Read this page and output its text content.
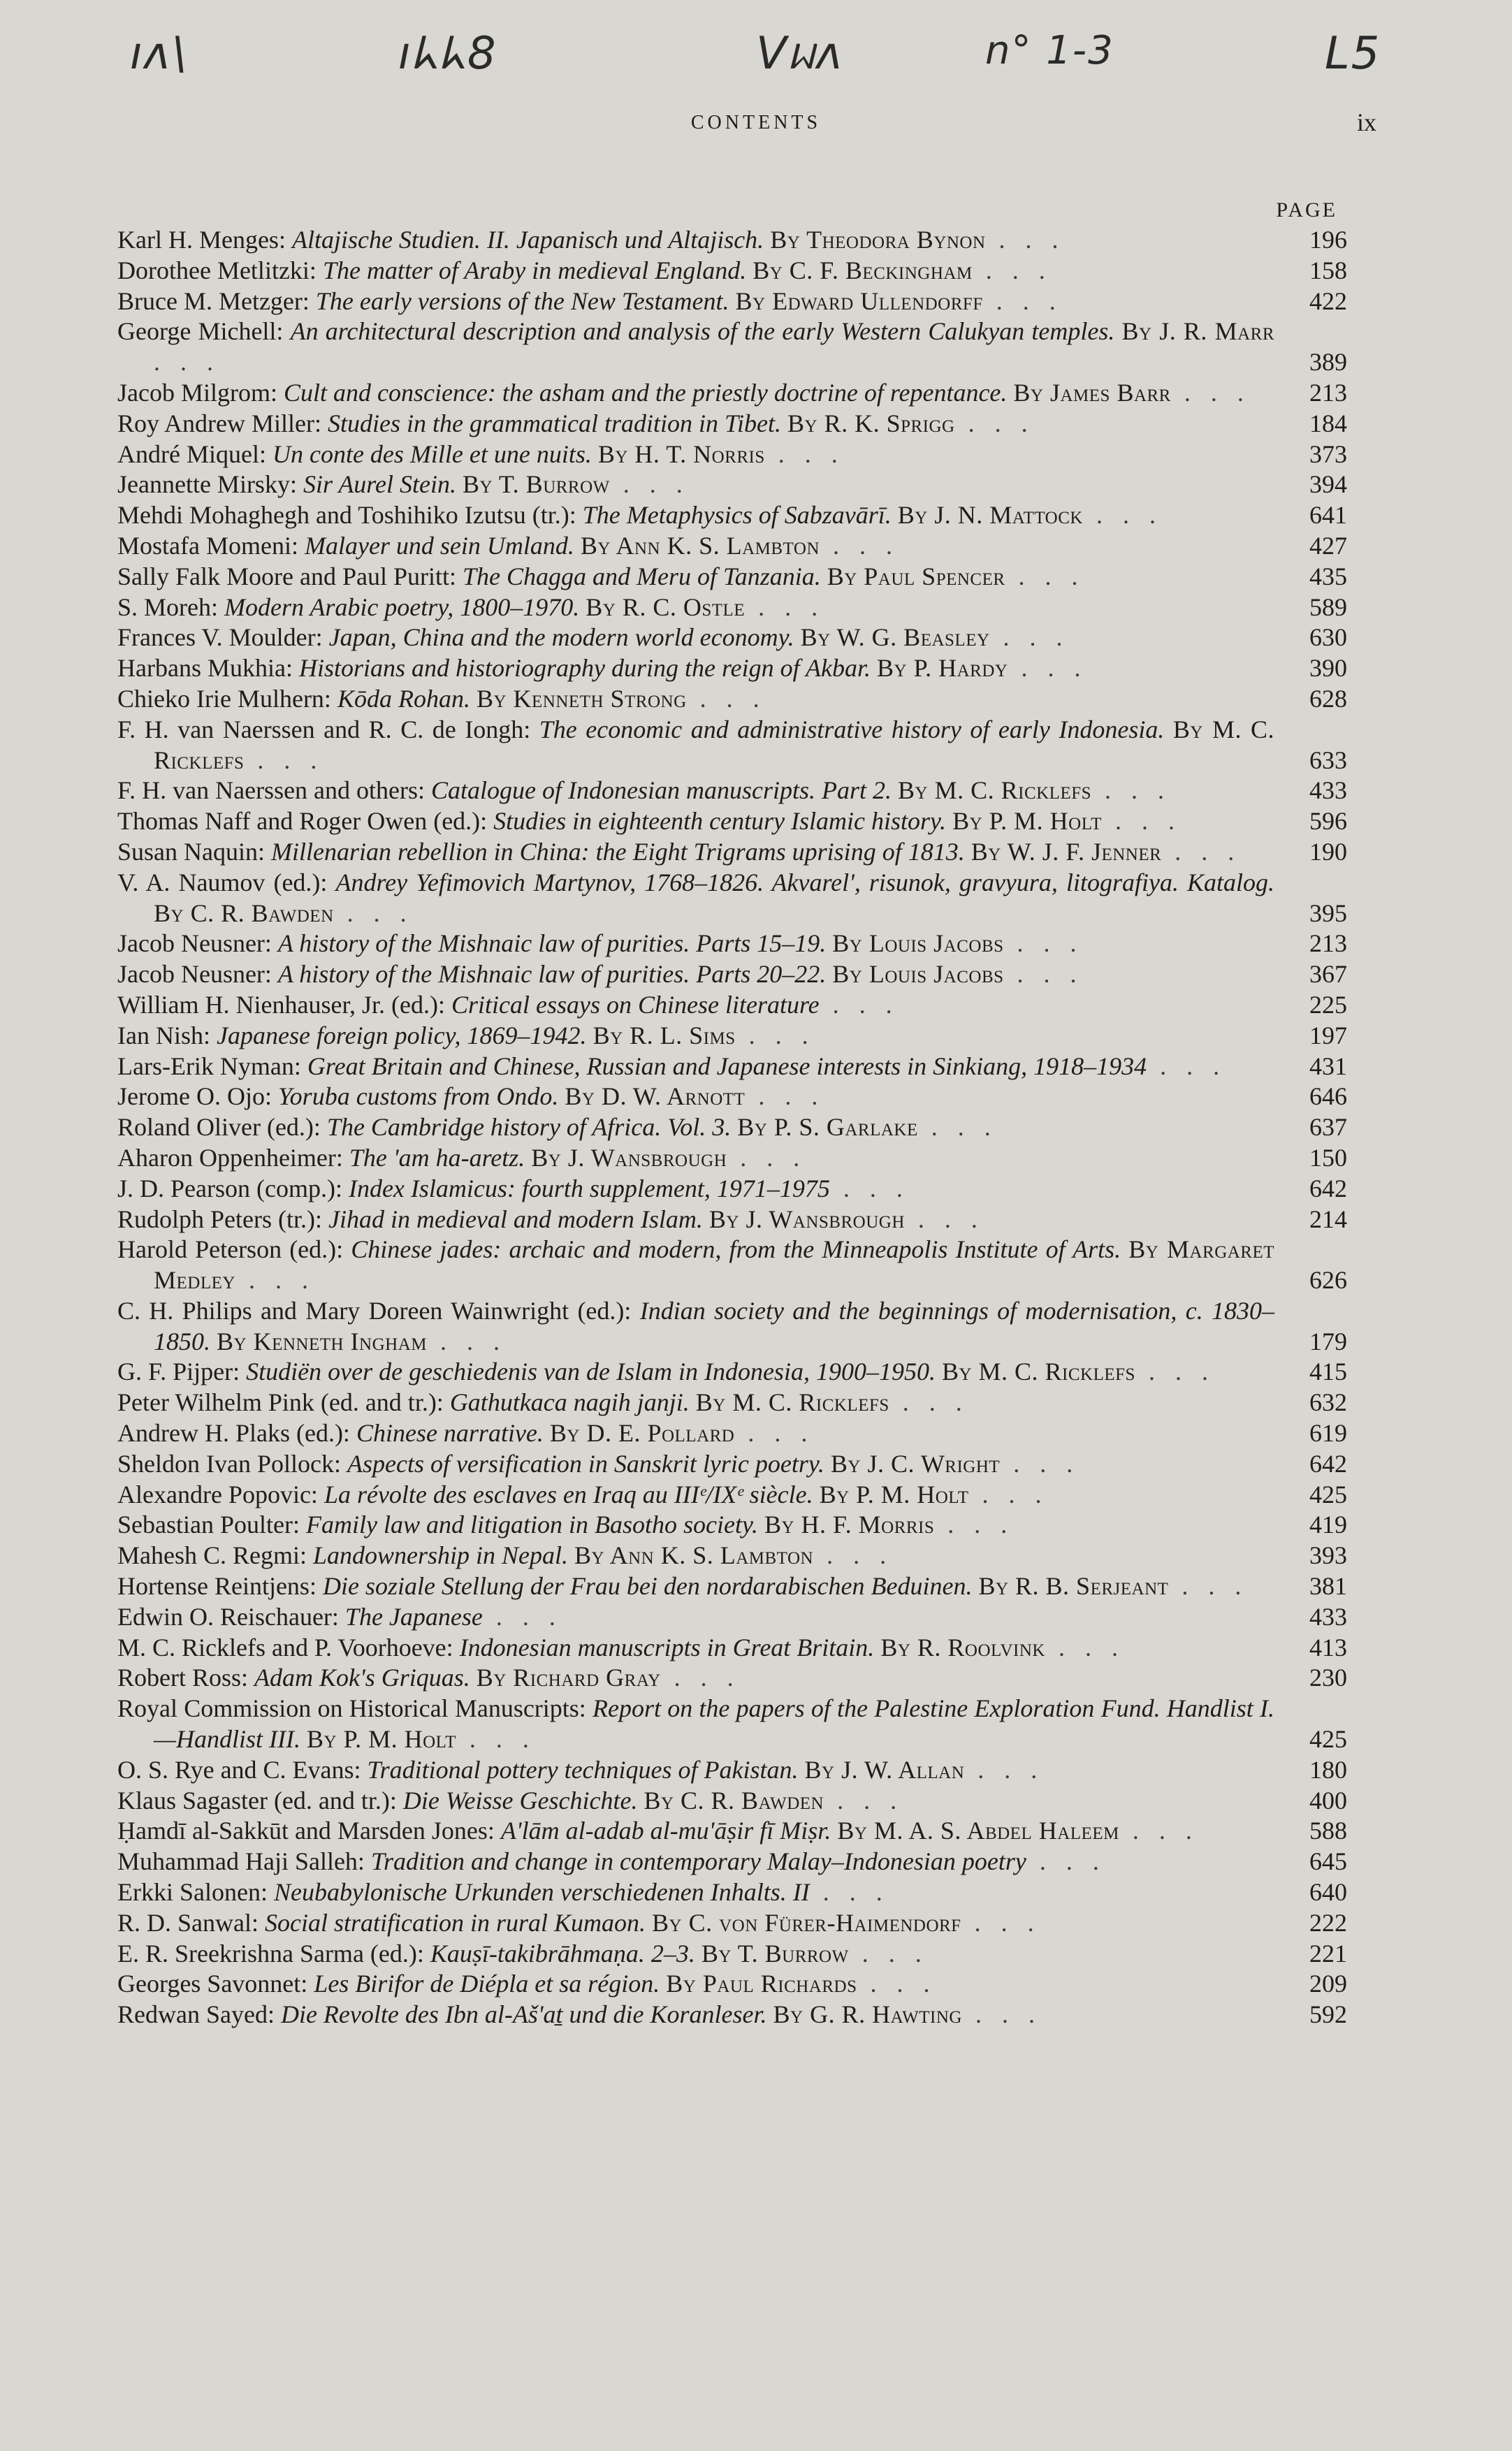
ıᴧ\	ıᖾᖾ8	Vᥕᴧ	n° 1-3	L5
CONTENTS	ix
PAGE
Karl H. Menges: Altajische Studien. II. Japanisch und Altajisch. By Theodora Bynon . . .	196
Dorothee Metlitzki: The matter of Araby in medieval England. By C. F. Beckingham . . .	158
Bruce M. Metzger: The early versions of the New Testament. By Edward Ullendorff . . .	422
George Michell: An architectural description and analysis of the early Western Calukyan temples. By J. R. Marr . . .	389
Jacob Milgrom: Cult and conscience: the asham and the priestly doctrine of repentance. By James Barr . . .	213
Roy Andrew Miller: Studies in the grammatical tradition in Tibet. By R. K. Sprigg . . .	184
André Miquel: Un conte des Mille et une nuits. By H. T. Norris . . .	373
Jeannette Mirsky: Sir Aurel Stein. By T. Burrow . . .	394
Mehdi Mohaghegh and Toshihiko Izutsu (tr.): The Metaphysics of Sabzavārī. By J. N. Mattock . . .	641
Mostafa Momeni: Malayer und sein Umland. By Ann K. S. Lambton . . .	427
Sally Falk Moore and Paul Puritt: The Chagga and Meru of Tanzania. By Paul Spencer . . .	435
S. Moreh: Modern Arabic poetry, 1800–1970. By R. C. Ostle . . .	589
Frances V. Moulder: Japan, China and the modern world economy. By W. G. Beasley . . .	630
Harbans Mukhia: Historians and historiography during the reign of Akbar. By P. Hardy . . .	390
Chieko Irie Mulhern: Kōda Rohan. By Kenneth Strong . . .	628
F. H. van Naerssen and R. C. de Iongh: The economic and administrative history of early Indonesia. By M. C. Ricklefs . . .	633
F. H. van Naerssen and others: Catalogue of Indonesian manuscripts. Part 2. By M. C. Ricklefs . . .	433
Thomas Naff and Roger Owen (ed.): Studies in eighteenth century Islamic history. By P. M. Holt . . .	596
Susan Naquin: Millenarian rebellion in China: the Eight Trigrams uprising of 1813. By W. J. F. Jenner . . .	190
V. A. Naumov (ed.): Andrey Yefimovich Martynov, 1768–1826. Akvarel', risunok, gravyura, litografiya. Katalog. By C. R. Bawden . . .	395
Jacob Neusner: A history of the Mishnaic law of purities. Parts 15–19. By Louis Jacobs . . .	213
Jacob Neusner: A history of the Mishnaic law of purities. Parts 20–22. By Louis Jacobs . . .	367
William H. Nienhauser, Jr. (ed.): Critical essays on Chinese literature . . .	225
Ian Nish: Japanese foreign policy, 1869–1942. By R. L. Sims . . .	197
Lars-Erik Nyman: Great Britain and Chinese, Russian and Japanese interests in Sinkiang, 1918–1934 . . .	431
Jerome O. Ojo: Yoruba customs from Ondo. By D. W. Arnott . . .	646
Roland Oliver (ed.): The Cambridge history of Africa. Vol. 3. By P. S. Garlake . . .	637
Aharon Oppenheimer: The 'am ha-aretz. By J. Wansbrough . . .	150
J. D. Pearson (comp.): Index Islamicus: fourth supplement, 1971–1975 . . .	642
Rudolph Peters (tr.): Jihad in medieval and modern Islam. By J. Wansbrough . . .	214
Harold Peterson (ed.): Chinese jades: archaic and modern, from the Minneapolis Institute of Arts. By Margaret Medley . . .	626
C. H. Philips and Mary Doreen Wainwright (ed.): Indian society and the beginnings of modernisation, c. 1830–1850. By Kenneth Ingham . . .	179
G. F. Pijper: Studiën over de geschiedenis van de Islam in Indonesia, 1900–1950. By M. C. Ricklefs . . .	415
Peter Wilhelm Pink (ed. and tr.): Gathutkaca nagih janji. By M. C. Ricklefs . . .	632
Andrew H. Plaks (ed.): Chinese narrative. By D. E. Pollard . . .	619
Sheldon Ivan Pollock: Aspects of versification in Sanskrit lyric poetry. By J. C. Wright . . .	642
Alexandre Popovic: La révolte des esclaves en Iraq au IIIᵉ/IXᵉ siècle. By P. M. Holt . . .	425
Sebastian Poulter: Family law and litigation in Basotho society. By H. F. Morris . . .	419
Mahesh C. Regmi: Landownership in Nepal. By Ann K. S. Lambton . . .	393
Hortense Reintjens: Die soziale Stellung der Frau bei den nordarabischen Beduinen. By R. B. Serjeant . . .	381
Edwin O. Reischauer: The Japanese . . .	433
M. C. Ricklefs and P. Voorhoeve: Indonesian manuscripts in Great Britain. By R. Roolvink . . .	413
Robert Ross: Adam Kok's Griquas. By Richard Gray . . .	230
Royal Commission on Historical Manuscripts: Report on the papers of the Palestine Exploration Fund. Handlist I.—Handlist III. By P. M. Holt . . .	425
O. S. Rye and C. Evans: Traditional pottery techniques of Pakistan. By J. W. Allan . . .	180
Klaus Sagaster (ed. and tr.): Die Weisse Geschichte. By C. R. Bawden . . .	400
Ḥamdī al-Sakkūt and Marsden Jones: A'lām al-adab al-mu'āṣir fī Miṣr. By M. A. S. Abdel Haleem . . .	588
Muhammad Haji Salleh: Tradition and change in contemporary Malay–Indonesian poetry . . .	645
Erkki Salonen: Neubabylonische Urkunden verschiedenen Inhalts. II . . .	640
R. D. Sanwal: Social stratification in rural Kumaon. By C. von Fürer-Haimendorf . . .	222
E. R. Sreekrishna Sarma (ed.): Kauṣī-takibrāhmaṇa. 2–3. By T. Burrow . . .	221
Georges Savonnet: Les Birifor de Diépla et sa région. By Paul Richards . . .	209
Redwan Sayed: Die Revolte des Ibn al-Aš'aṯ und die Koranleser. By G. R. Hawting . . .	592
